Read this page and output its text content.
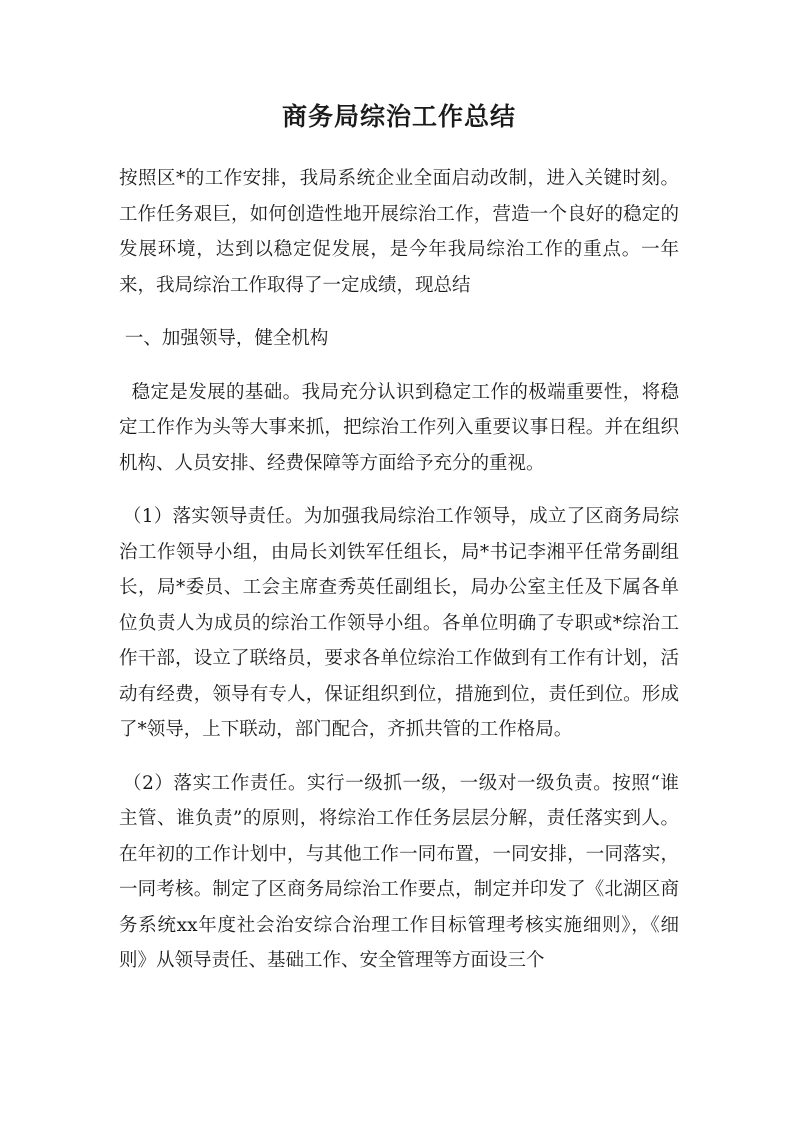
商务局综治工作总结

按照区*的工作安排，我局系统企业全面启动改制，进入关键时刻。工作任务艰巨，如何创造性地开展综治工作，营造一个良好的稳定的发展环境，达到以稳定促发展，是今年我局综治工作的重点。一年来，我局综治工作取得了一定成绩，现总结

一、加强领导，健全机构

稳定是发展的基础。我局充分认识到稳定工作的极端重要性，将稳定工作作为头等大事来抓，把综治工作列入重要议事日程。并在组织机构、人员安排、经费保障等方面给予充分的重视。

（1）落实领导责任。为加强我局综治工作领导，成立了区商务局综治工作领导小组，由局长刘铁军任组长，局*书记李湘平任常务副组长，局*委员、工会主席查秀英任副组长，局办公室主任及下属各单位负责人为成员的综治工作领导小组。各单位明确了专职或*综治工作干部，设立了联络员，要求各单位综治工作做到有工作有计划，活动有经费，领导有专人，保证组织到位，措施到位，责任到位。形成了*领导，上下联动，部门配合，齐抓共管的工作格局。

（2）落实工作责任。实行一级抓一级，一级对一级负责。按照“谁主管、谁负责”的原则，将综治工作任务层层分解，责任落实到人。在年初的工作计划中，与其他工作一同布置，一同安排，一同落实，一同考核。制定了区商务局综治工作要点，制定并印发了《北湖区商务系统xx年度社会治安综合治理工作目标管理考核实施细则》，《细则》从领导责任、基础工作、安全管理等方面设三个
